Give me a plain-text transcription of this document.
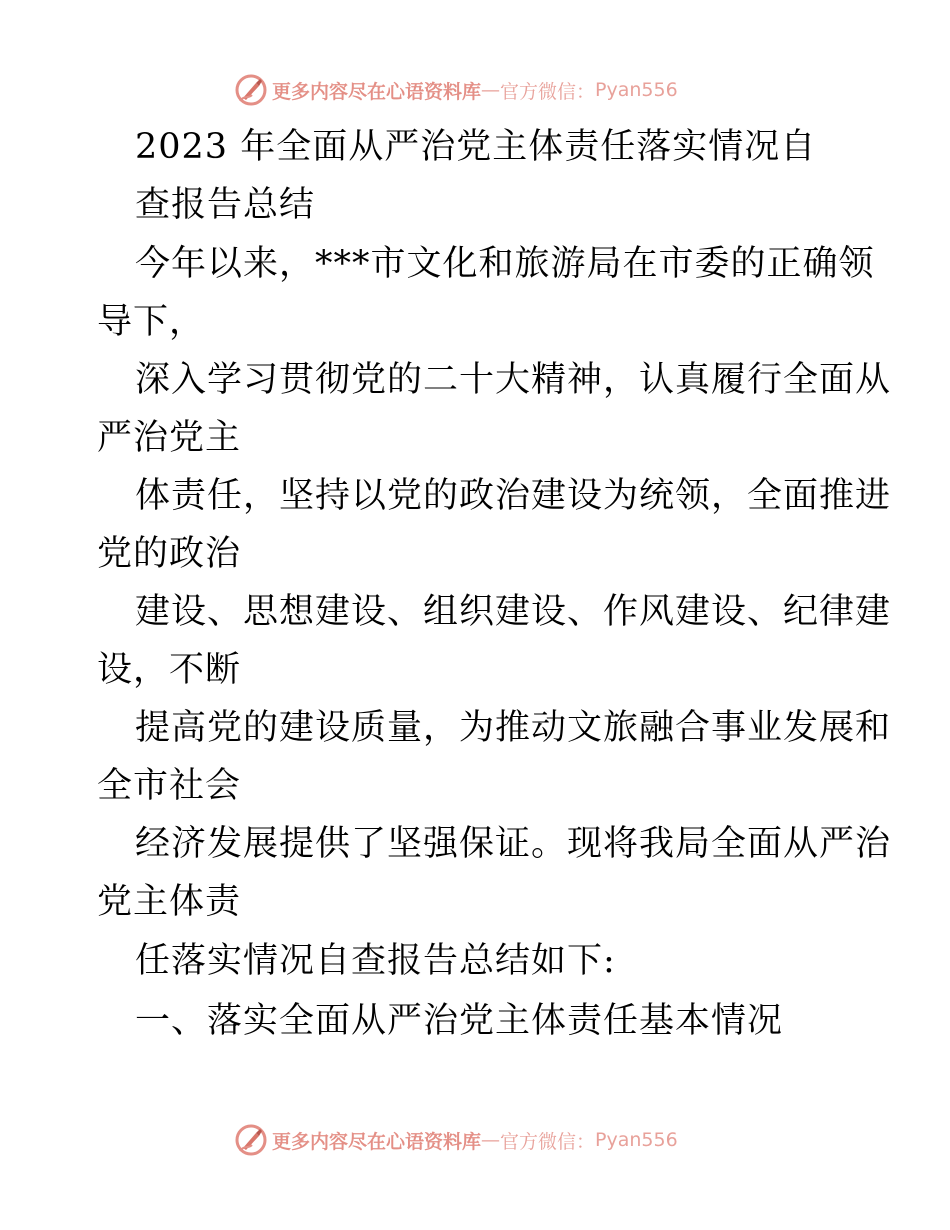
更多内容尽在心语资料库 — 官方微信： Pyan556
2023 年全面从严治党主体责任落实情况自
查报告总结
今年以来，***市文化和旅游局在市委的正确领
导下，
深入学习贯彻党的二十大精神，认真履行全面从
严治党主
体责任，坚持以党的政治建设为统领，全面推进
党的政治
建设、思想建设、组织建设、作风建设、纪律建
设，不断
提高党的建设质量，为推动文旅融合事业发展和
全市社会
经济发展提供了坚强保证。现将我局全面从严治
党主体责
任落实情况自查报告总结如下:
一、落实全面从严治党主体责任基本情况
更多内容尽在心语资料库 — 官方微信： Pyan556
